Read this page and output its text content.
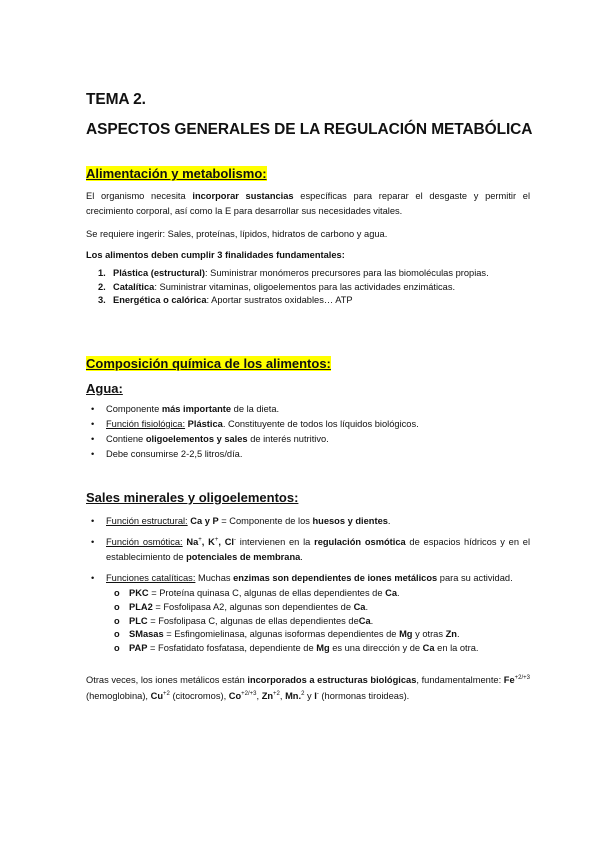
TEMA 2.
ASPECTOS GENERALES DE LA REGULACIÓN METABÓLICA
Alimentación y metabolismo:

El organismo necesita incorporar sustancias específicas para reparar el desgaste y permitir el crecimiento corporal, así como la E para desarrollar sus necesidades vitales.

Se requiere ingerir: Sales, proteínas, lípidos, hidratos de carbono y agua.

Los alimentos deben cumplir 3 finalidades fundamentales:

1. Plástica (estructural): Suministrar monómeros precursores para las biomoléculas propias.
2. Catalítica: Suministrar vitaminas, oligoelementos para las actividades enzimáticas.
3. Energética o calórica: Aportar sustratos oxidables… ATP
Composición química de los alimentos:
Agua:
• Componente más importante de la dieta.
• Función fisiológica: Plástica. Constituyente de todos los líquidos biológicos.
• Contiene oligoelementos y sales de interés nutritivo.
• Debe consumirse 2-2,5 litros/día.
Sales minerales y oligoelementos:
• Función estructural: Ca y P = Componente de los huesos y dientes.
• Función osmótica: Na+, K+, Cl- intervienen en la regulación osmótica de espacios hídricos y en el establecimiento de potenciales de membrana.
• Funciones catalíticas: Muchas enzimas son dependientes de iones metálicos para su actividad.
o PKC = Proteína quinasa C, algunas de ellas dependientes de Ca.
o PLA2 = Fosfolipasa A2, algunas son dependientes de Ca.
o PLC = Fosfolipasa C, algunas de ellas dependientes deCa.
o SMasas = Esfingomielinasa, algunas isoformas dependientes de Mg y otras Zn.
o PAP = Fosfatidato fosfatasa, dependiente de Mg es una dirección y de Ca en la otra.

Otras veces, los iones metálicos están incorporados a estructuras biológicas, fundamentalmente: $Fe^{+2/+3}$ (hemoglobina), $Cu^{+2}$ (citocromos), $Co^{+2/+3}$, $Zn^{+2}$, Mn.$^2$ y I- (hormonas tiroideas).
